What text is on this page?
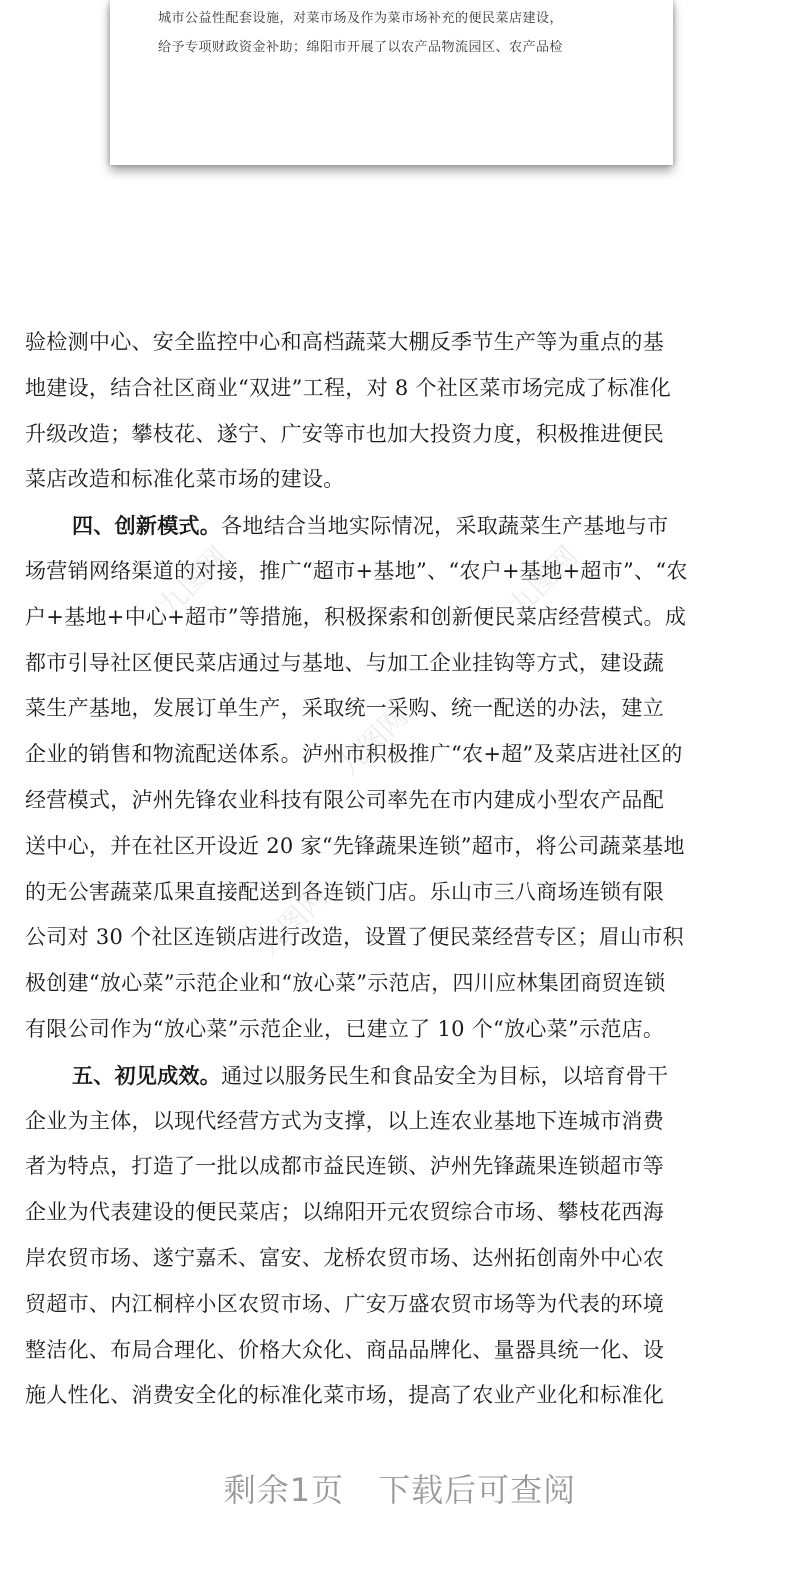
城市公益性配套设施，对菜市场及作为菜市场补充的便民菜店建设，
给予专项财政资金补助；绵阳市开展了以农产品物流园区、农产品检
验检测中心、安全监控中心和高档蔬菜大棚反季节生产等为重点的基
地建设，结合社区商业“双进”工程，对 8 个社区菜市场完成了标准化
升级改造；攀枝花、遂宁、广安等市也加大投资力度，积极推进便民
菜店改造和标准化菜市场的建设。
四、创新模式。各地结合当地实际情况，采取蔬菜生产基地与市
场营销网络渠道的对接，推广“超市+基地”、“农户+基地+超市”、“农
户+基地+中心+超市”等措施，积极探索和创新便民菜店经营模式。成
都市引导社区便民菜店通过与基地、与加工企业挂钩等方式，建设蔬
菜生产基地，发展订单生产，采取统一采购、统一配送的办法，建立
企业的销售和物流配送体系。泸州市积极推广“农+超”及菜店进社区的
经营模式，泸州先锋农业科技有限公司率先在市内建成小型农产品配
送中心，并在社区开设近 20 家“先锋蔬果连锁”超市，将公司蔬菜基地
的无公害蔬菜瓜果直接配送到各连锁门店。乐山市三八商场连锁有限
公司对 30 个社区连锁店进行改造，设置了便民菜经营专区；眉山市积
极创建“放心菜”示范企业和“放心菜”示范店，四川应林集团商贸连锁
有限公司作为“放心菜”示范企业，已建立了 10 个“放心菜”示范店。
五、初见成效。通过以服务民生和食品安全为目标，以培育骨干
企业为主体，以现代经营方式为支撑，以上连农业基地下连城市消费
者为特点，打造了一批以成都市益民连锁、泸州先锋蔬果连锁超市等
企业为代表建设的便民菜店；以绵阳开元农贸综合市场、攀枝花西海
岸农贸市场、遂宁嘉禾、富安、龙桥农贸市场、达州拓创南外中心农
贸超市、内江桐梓小区农贸市场、广安万盛农贸市场等为代表的环境
整洁化、布局合理化、价格大众化、商品品牌化、量器具统一化、设
施人性化、消费安全化的标准化菜市场，提高了农业产业化和标准化
九图网	九图网
九图网
九图网
剩余1页 下载后可查阅
